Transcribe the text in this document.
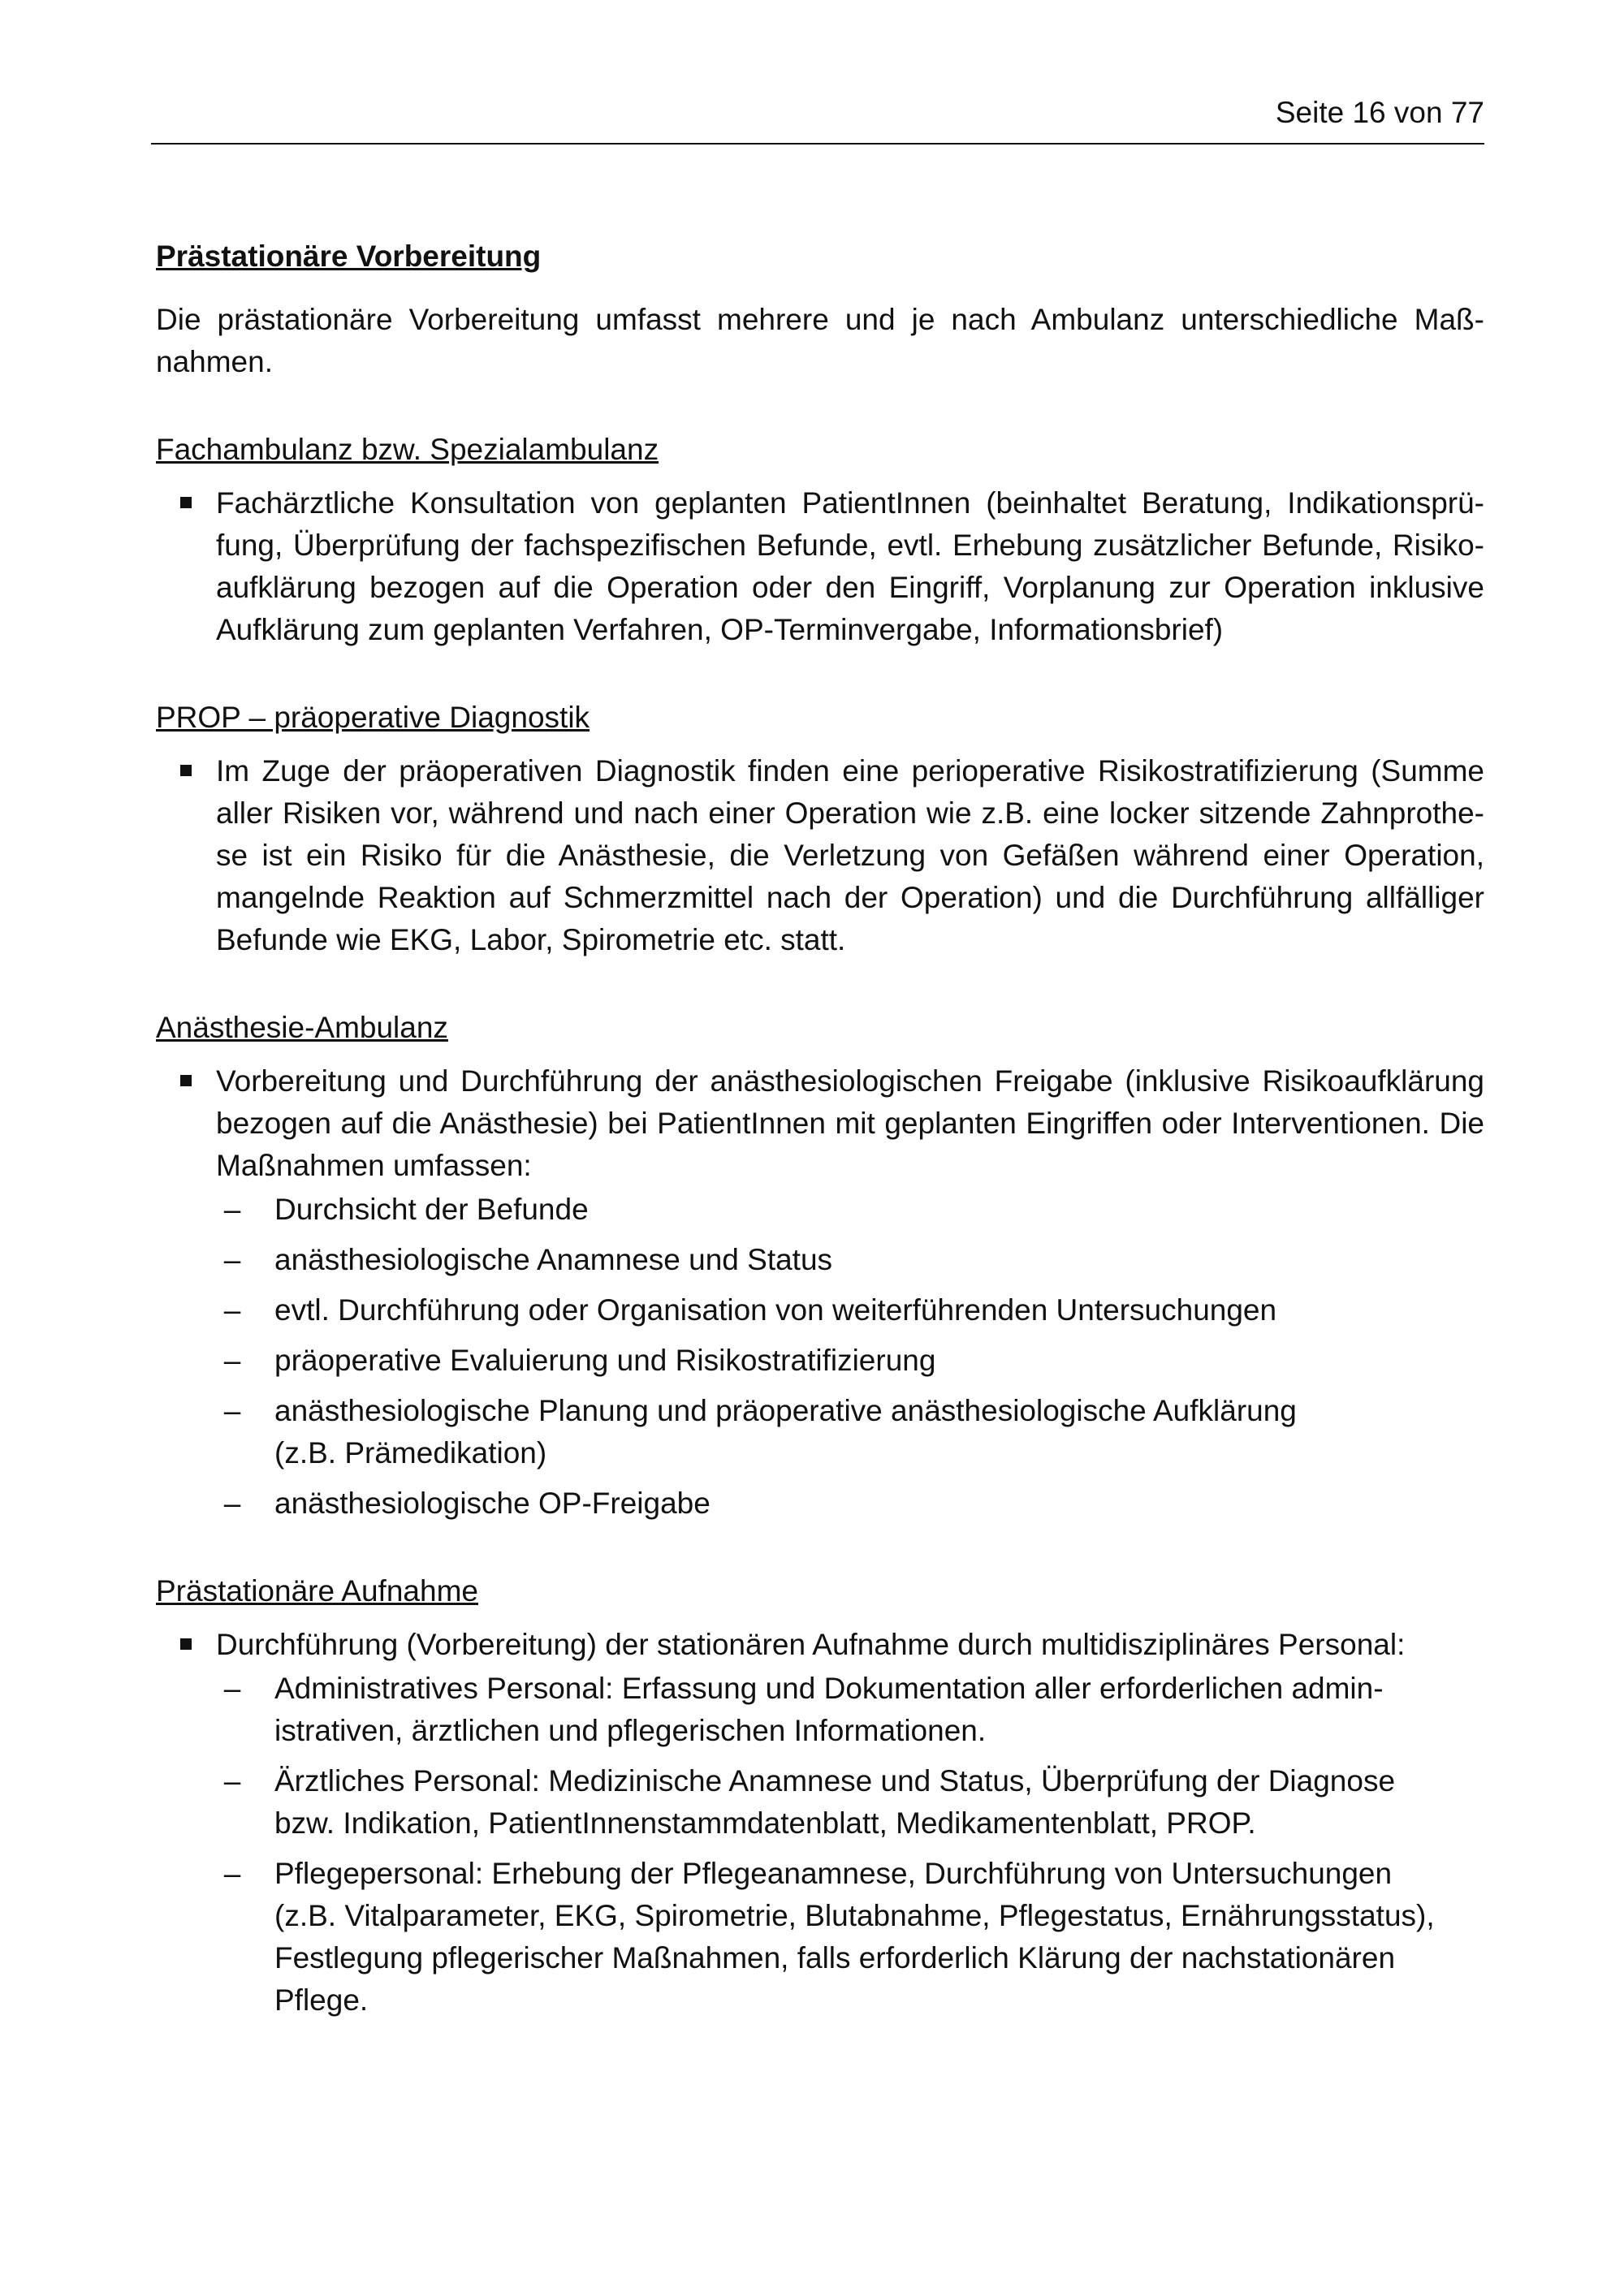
Seite 16 von 77
Prästationäre Vorbereitung

Die prästationäre Vorbereitung umfasst mehrere und je nach Ambulanz unterschiedliche Maßnahmen.

Fachambulanz bzw. Spezialambulanz
Fachärztliche Konsultation von geplanten PatientInnen (beinhaltet Beratung, Indikationsprüfung, Überprüfung der fachspezifischen Befunde, evtl. Erhebung zusätzlicher Befunde, Risikoaufklärung bezogen auf die Operation oder den Eingriff, Vorplanung zur Operation inklusive Aufklärung zum geplanten Verfahren, OP-Terminvergabe, Informationsbrief)
PROP – präoperative Diagnostik
Im Zuge der präoperativen Diagnostik finden eine perioperative Risikostratifizierung (Summe aller Risiken vor, während und nach einer Operation wie z.B. eine locker sitzende Zahnprothese ist ein Risiko für die Anästhesie, die Verletzung von Gefäßen während einer Operation, mangelnde Reaktion auf Schmerzmittel nach der Operation) und die Durchführung allfälliger Befunde wie EKG, Labor, Spirometrie etc. statt.
Anästhesie-Ambulanz
Vorbereitung und Durchführung der anästhesiologischen Freigabe (inklusive Risikoaufklärung bezogen auf die Anästhesie) bei PatientInnen mit geplanten Eingriffen oder Interventionen. Die Maßnahmen umfassen:
– Durchsicht der Befunde
– anästhesiologische Anamnese und Status
– evtl. Durchführung oder Organisation von weiterführenden Untersuchungen
– präoperative Evaluierung und Risikostratifizierung
– anästhesiologische Planung und präoperative anästhesiologische Aufklärung (z.B. Prämedikation)
– anästhesiologische OP-Freigabe
Prästationäre Aufnahme
Durchführung (Vorbereitung) der stationären Aufnahme durch multidisziplinäres Personal:
– Administratives Personal: Erfassung und Dokumentation aller erforderlichen administrativen, ärztlichen und pflegerischen Informationen.
– Ärztliches Personal: Medizinische Anamnese und Status, Überprüfung der Diagnose bzw. Indikation, PatientInnenstammdatenblatt, Medikamentenblatt, PROP.
– Pflegepersonal: Erhebung der Pflegeanamnese, Durchführung von Untersuchungen (z.B. Vitalparameter, EKG, Spirometrie, Blutabnahme, Pflegestatus, Ernährungsstatus), Festlegung pflegerischer Maßnahmen, falls erforderlich Klärung der nachstationären Pflege.
